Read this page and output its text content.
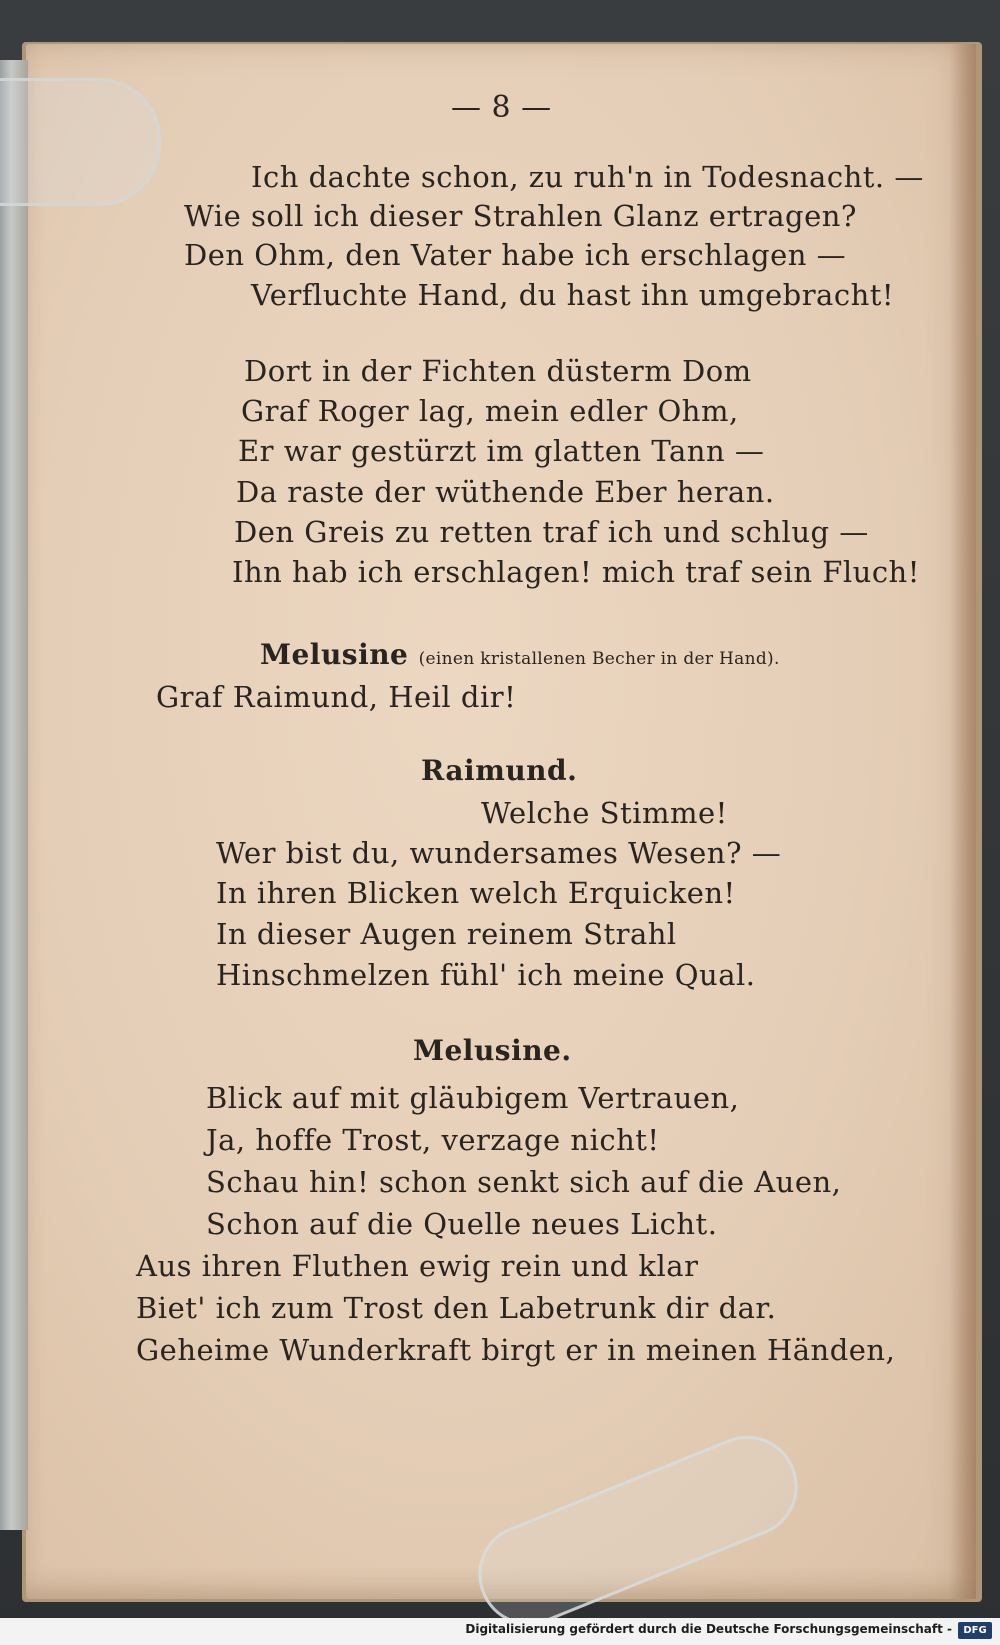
— 8 —
Ich dachte schon, zu ruh'n in Todesnacht. —
Wie soll ich dieser Strahlen Glanz ertragen?
Den Ohm, den Vater habe ich erschlagen —
Verfluchte Hand, du hast ihn umgebracht!
Dort in der Fichten düsterm Dom
Graf Roger lag, mein edler Ohm,
Er war gestürzt im glatten Tann —
Da raste der wüthende Eber heran.
Den Greis zu retten traf ich und schlug —
Ihn hab ich erschlagen! mich traf sein Fluch!
Melusine (einen kristallenen Becher in der Hand).
Graf Raimund, Heil dir!
Raimund.
Welche Stimme!
Wer bist du, wundersames Wesen? —
In ihren Blicken welch Erquicken!
In dieser Augen reinem Strahl
Hinschmelzen fühl' ich meine Qual.
Melusine.
Blick auf mit gläubigem Vertrauen,
Ja, hoffe Trost, verzage nicht!
Schau hin! schon senkt sich auf die Auen,
Schon auf die Quelle neues Licht.
Aus ihren Fluthen ewig rein und klar
Biet' ich zum Trost den Labetrunk dir dar.
Geheime Wunderkraft birgt er in meinen Händen,
Digitalisierung gefördert durch die Deutsche Forschungsgemeinschaft -	DFG
